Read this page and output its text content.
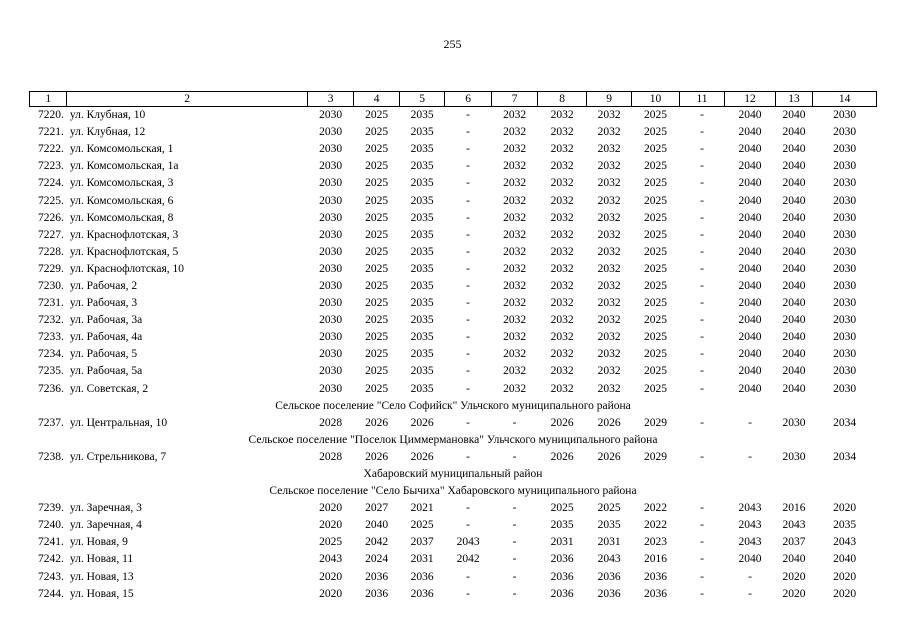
255
1	2	3	4	5	6	7	8	9	10	11	12	13	14
7220.	ул. Клубная, 10	2030	2025	2035	-	2032	2032	2032	2025	-	2040	2040	2030
7221.	ул. Клубная, 12	2030	2025	2035	-	2032	2032	2032	2025	-	2040	2040	2030
7222.	ул. Комсомольская, 1	2030	2025	2035	-	2032	2032	2032	2025	-	2040	2040	2030
7223.	ул. Комсомольская, 1а	2030	2025	2035	-	2032	2032	2032	2025	-	2040	2040	2030
7224.	ул. Комсомольская, 3	2030	2025	2035	-	2032	2032	2032	2025	-	2040	2040	2030
7225.	ул. Комсомольская, 6	2030	2025	2035	-	2032	2032	2032	2025	-	2040	2040	2030
7226.	ул. Комсомольская, 8	2030	2025	2035	-	2032	2032	2032	2025	-	2040	2040	2030
7227.	ул. Краснофлотская, 3	2030	2025	2035	-	2032	2032	2032	2025	-	2040	2040	2030
7228.	ул. Краснофлотская, 5	2030	2025	2035	-	2032	2032	2032	2025	-	2040	2040	2030
7229.	ул. Краснофлотская, 10	2030	2025	2035	-	2032	2032	2032	2025	-	2040	2040	2030
7230.	ул. Рабочая, 2	2030	2025	2035	-	2032	2032	2032	2025	-	2040	2040	2030
7231.	ул. Рабочая, 3	2030	2025	2035	-	2032	2032	2032	2025	-	2040	2040	2030
7232.	ул. Рабочая, 3а	2030	2025	2035	-	2032	2032	2032	2025	-	2040	2040	2030
7233.	ул. Рабочая, 4а	2030	2025	2035	-	2032	2032	2032	2025	-	2040	2040	2030
7234.	ул. Рабочая, 5	2030	2025	2035	-	2032	2032	2032	2025	-	2040	2040	2030
7235.	ул. Рабочая, 5а	2030	2025	2035	-	2032	2032	2032	2025	-	2040	2040	2030
7236.	ул. Советская, 2	2030	2025	2035	-	2032	2032	2032	2025	-	2040	2040	2030
Сельское поселение "Село Софийск" Ульчского муниципального района													
7237.	ул. Центральная, 10	2028	2026	2026	-	-	2026	2026	2029	-	-	2030	2034
Сельское поселение "Поселок Циммермановка" Ульчского муниципального района													
7238.	ул. Стрельникова, 7	2028	2026	2026	-	-	2026	2026	2029	-	-	2030	2034
Хабаровский муниципальный район													
Сельское поселение "Село Бычиха" Хабаровского муниципального района													
7239.	ул. Заречная, 3	2020	2027	2021	-	-	2025	2025	2022	-	2043	2016	2020
7240.	ул. Заречная, 4	2020	2040	2025	-	-	2035	2035	2022	-	2043	2043	2035
7241.	ул. Новая, 9	2025	2042	2037	2043	-	2031	2031	2023	-	2043	2037	2043
7242.	ул. Новая, 11	2043	2024	2031	2042	-	2036	2043	2016	-	2040	2040	2040
7243.	ул. Новая, 13	2020	2036	2036	-	-	2036	2036	2036	-	-	2020	2020
7244.	ул. Новая, 15	2020	2036	2036	-	-	2036	2036	2036	-	-	2020	2020
